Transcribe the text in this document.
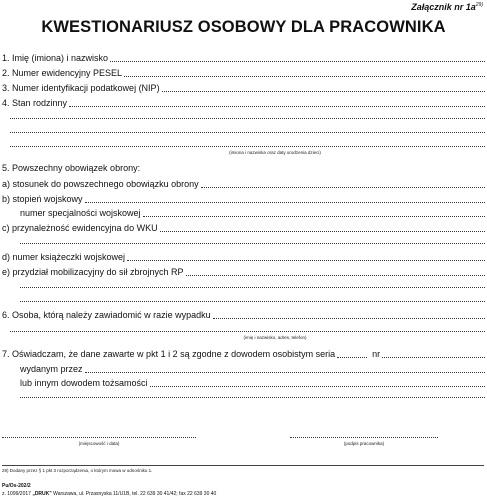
Załącznik nr $1a^{29)}$
KWESTIONARIUSZ OSOBOWY DLA PRACOWNIKA
1. Imię (imiona) i nazwisko
2. Numer ewidencyjny PESEL
3. Numer identyfikacji podatkowej (NIP)
4. Stan rodzinny
(imiona i nazwiska oraz daty urodzenia dzieci)
5. Powszechny obowiązek obrony:
a) stosunek do powszechnego obowiązku obrony
b) stopień wojskowy
numer specjalności wojskowej
c) przynależność ewidencyjna do WKU
d) numer książeczki wojskowej
e) przydział mobilizacyjny do sił zbrojnych RP
6. Osoba, którą należy zawiadomić w razie wypadku
(imię i nazwisko, adres, telefon)
7. Oświadczam, że dane zawarte w pkt 1 i 2 są zgodne z dowodem osobistym seria	nr
wydanym przez
lub innym dowodem tożsamości
(miejscowość i data)	(podpis pracownika)
29) Dodany przez § 1 pkt 3 rozporządzenia, o którym mowa w odnośniku 1.
Pu/Os-202/2
z. 1099/2017 „DRUK” Warszawa, ul. Przasnyska 11/U1B, tel. 22 639 30 41/42; fax 22 639 30 40
